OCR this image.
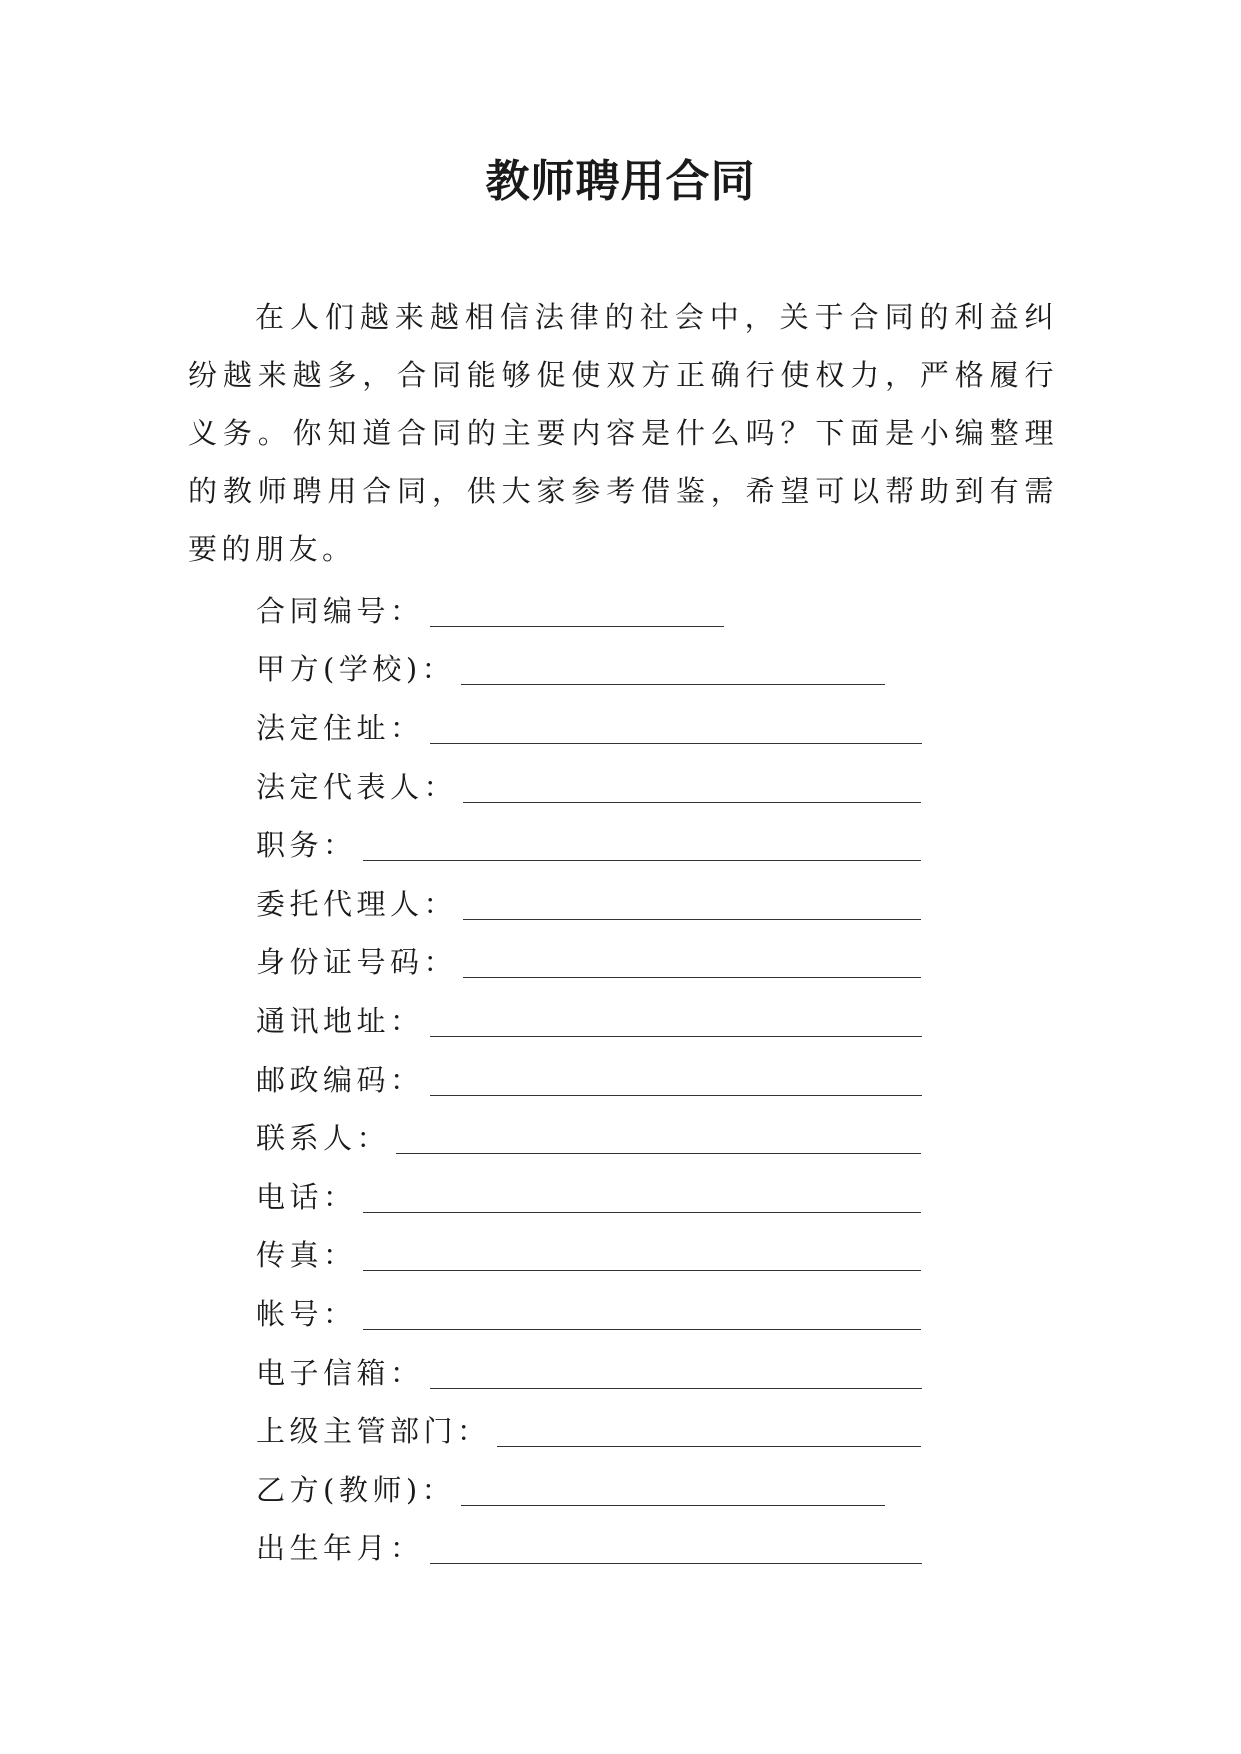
教师聘用合同

在人们越来越相信法律的社会中，关于合同的利益纠纷越来越多，合同能够促使双方正确行使权力，严格履行义务。你知道合同的主要内容是什么吗？下面是小编整理的教师聘用合同，供大家参考借鉴，希望可以帮助到有需要的朋友。

合同编号：
甲方(学校)：
法定住址：
法定代表人：
职务：
委托代理人：
身份证号码：
通讯地址：
邮政编码：
联系人：
电话：
传真：
帐号：
电子信箱：
上级主管部门：
乙方(教师)：
出生年月：
